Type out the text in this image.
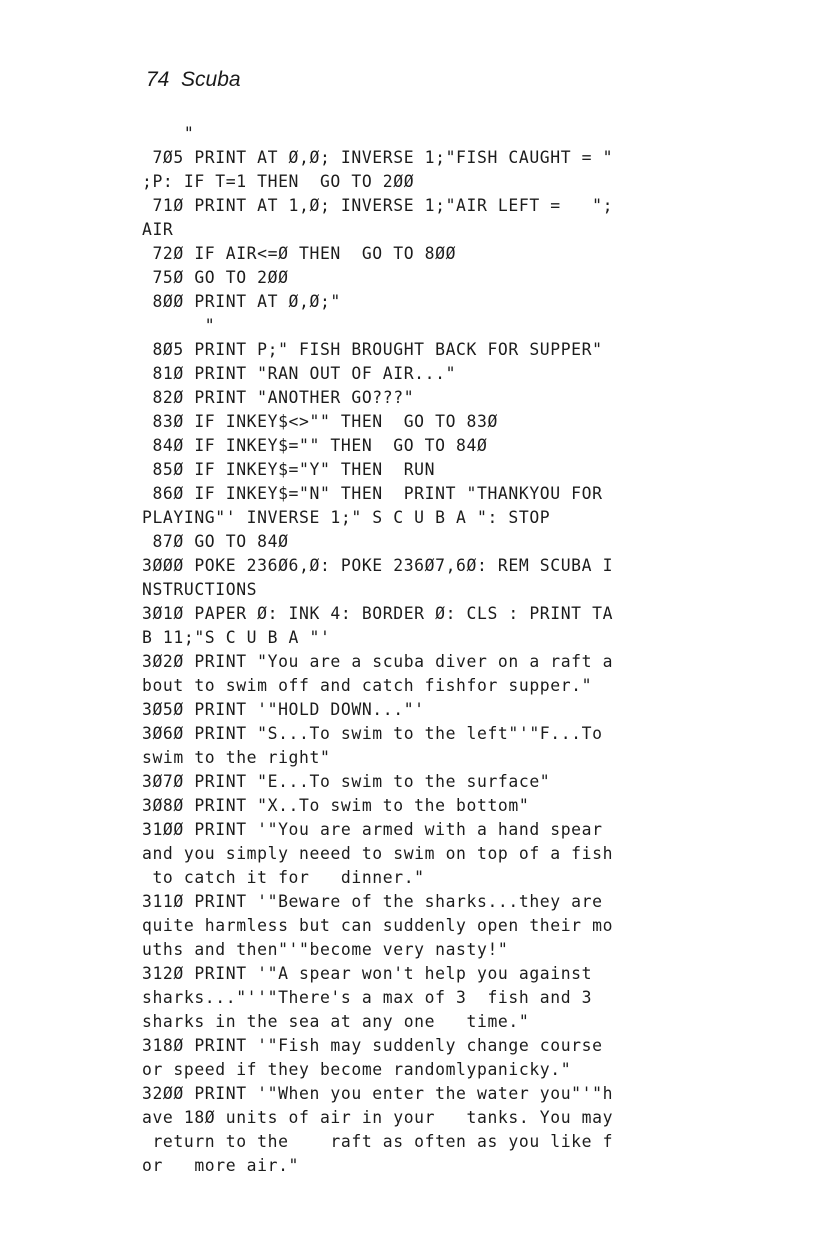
74 Scuba
"
7Ø5 PRINT AT Ø,Ø; INVERSE 1;"FISH CAUGHT = "
;P: IF T=1 THEN  GO TO 2ØØ
71Ø PRINT AT 1,Ø; INVERSE 1;"AIR LEFT =   ";
AIR
72Ø IF AIR<=Ø THEN  GO TO 8ØØ
75Ø GO TO 2ØØ
8ØØ PRINT AT Ø,Ø;"
"
8Ø5 PRINT P;" FISH BROUGHT BACK FOR SUPPER"
81Ø PRINT "RAN OUT OF AIR..."
82Ø PRINT "ANOTHER GO???"
83Ø IF INKEY$<>"" THEN  GO TO 83Ø
84Ø IF INKEY$="" THEN  GO TO 84Ø
85Ø IF INKEY$="Y" THEN  RUN
86Ø IF INKEY$="N" THEN  PRINT "THANKYOU FOR
PLAYING"' INVERSE 1;" S C U B A ": STOP
87Ø GO TO 84Ø
3ØØØ POKE 236Ø6,Ø: POKE 236Ø7,6Ø: REM SCUBA I
NSTRUCTIONS
3Ø1Ø PAPER Ø: INK 4: BORDER Ø: CLS : PRINT TA
B 11;"S C U B A "'
3Ø2Ø PRINT "You are a scuba diver on a raft a
bout to swim off and catch fishfor supper."
3Ø5Ø PRINT '"HOLD DOWN..."'
3Ø6Ø PRINT "S...To swim to the left"'"F...To
swim to the right"
3Ø7Ø PRINT "E...To swim to the surface"
3Ø8Ø PRINT "X..To swim to the bottom"
31ØØ PRINT '"You are armed with a hand spear
and you simply neeed to swim on top of a fish
to catch it for   dinner."
311Ø PRINT '"Beware of the sharks...they are
quite harmless but can suddenly open their mo
uths and then"'"become very nasty!"
312Ø PRINT '"A spear won't help you against
sharks..."''"There's a max of 3  fish and 3
sharks in the sea at any one   time."
318Ø PRINT '"Fish may suddenly change course
or speed if they become randomlypanicky."
32ØØ PRINT '"When you enter the water you"'"h
ave 18Ø units of air in your   tanks. You may
return to the    raft as often as you like f
or   more air."
